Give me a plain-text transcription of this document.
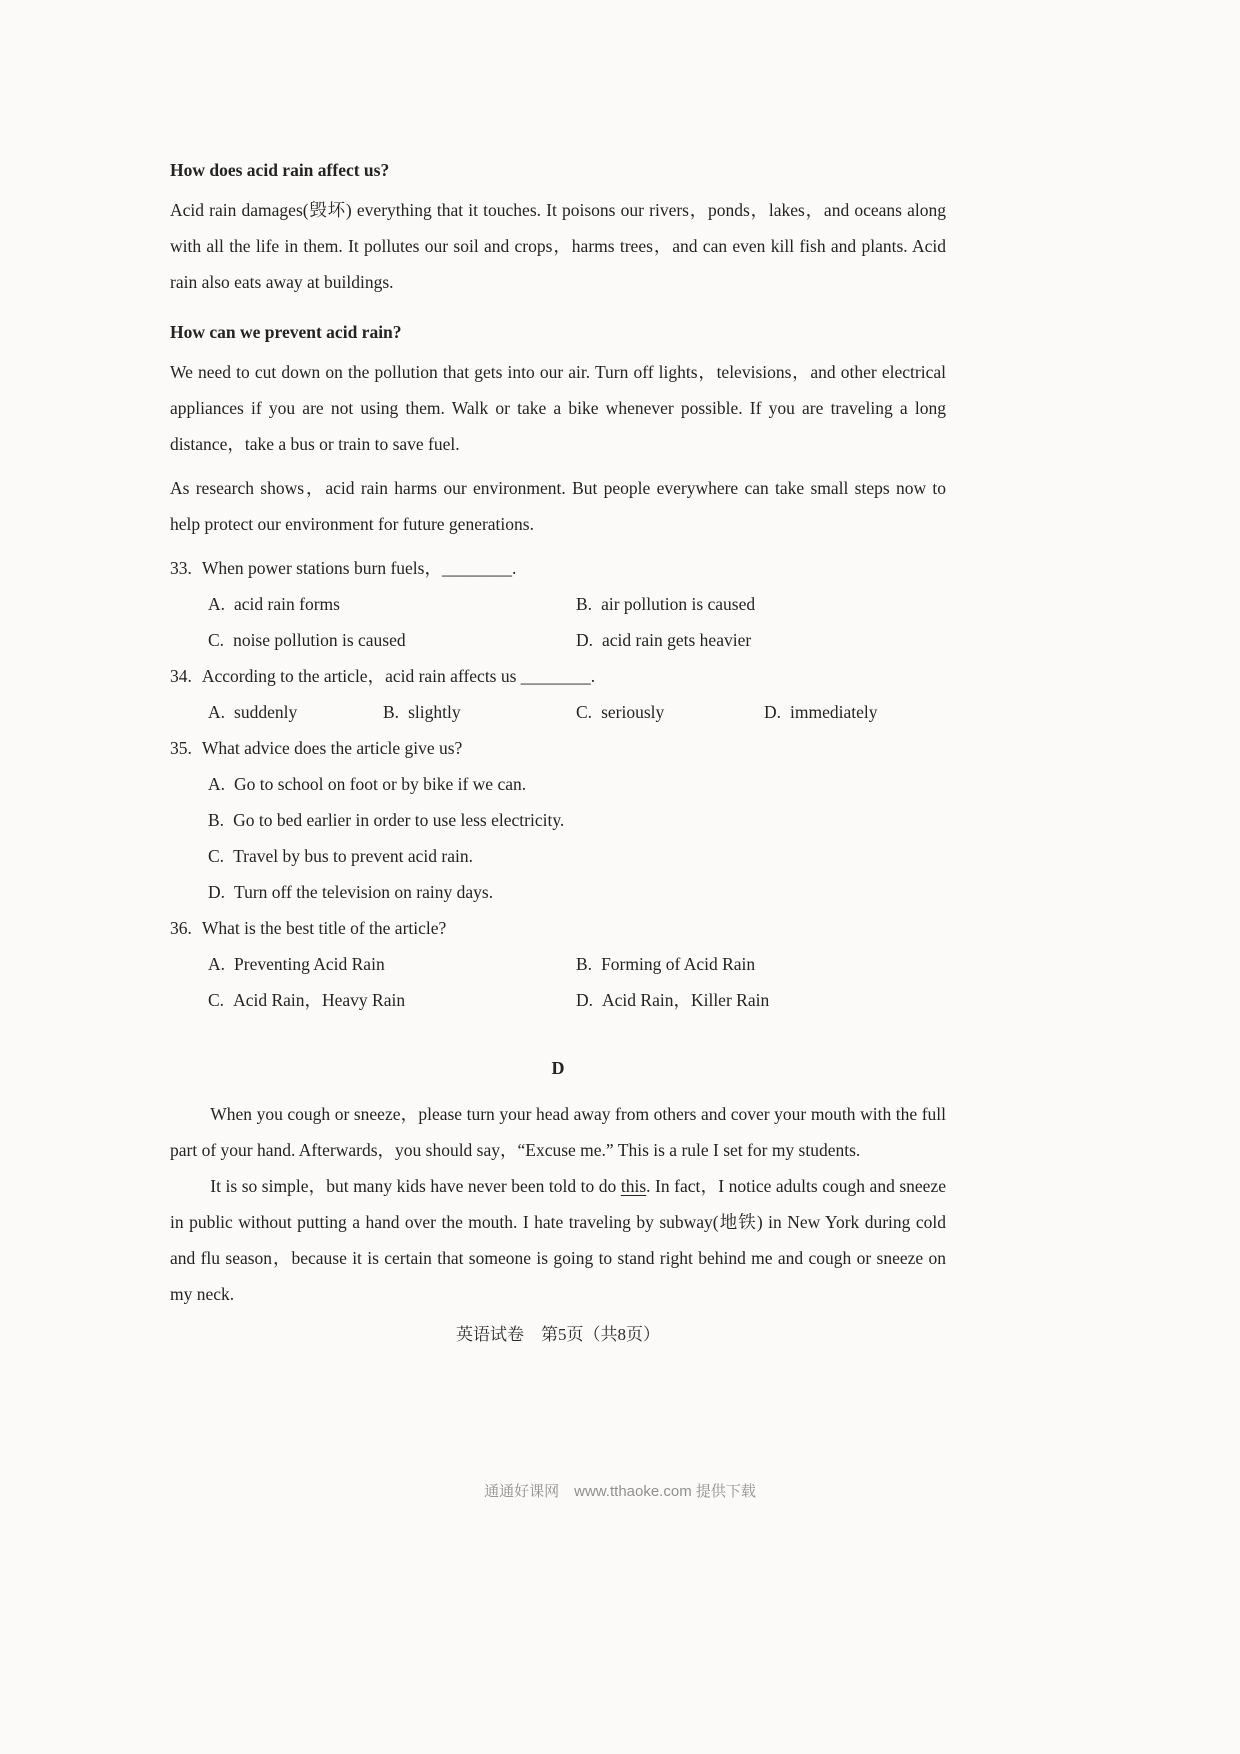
How does acid rain affect us?

Acid rain damages(毁坏) everything that it touches. It poisons our rivers，ponds，lakes，and oceans along with all the life in them. It pollutes our soil and crops，harms trees，and can even kill fish and plants. Acid rain also eats away at buildings.

How can we prevent acid rain?

We need to cut down on the pollution that gets into our air. Turn off lights，televisions，and other electrical appliances if you are not using them. Walk or take a bike whenever possible. If you are traveling a long distance，take a bus or train to save fuel.

As research shows，acid rain harms our environment. But people everywhere can take small steps now to help protect our environment for future generations.

33. When power stations burn fuels，________.
A. acid rain forms	B. air pollution is caused
C. noise pollution is caused	D. acid rain gets heavier
34. According to the article，acid rain affects us ________.
A. suddenly	B. slightly	C. seriously	D. immediately
35. What advice does the article give us?
A. Go to school on foot or by bike if we can.
B. Go to bed earlier in order to use less electricity.
C. Travel by bus to prevent acid rain.
D. Turn off the television on rainy days.
36. What is the best title of the article?
A. Preventing Acid Rain	B. Forming of Acid Rain
C. Acid Rain，Heavy Rain	D. Acid Rain，Killer Rain
D

When you cough or sneeze，please turn your head away from others and cover your mouth with the full part of your hand. Afterwards，you should say，“Excuse me.” This is a rule I set for my students.

It is so simple，but many kids have never been told to do this. In fact，I notice adults cough and sneeze in public without putting a hand over the mouth. I hate traveling by subway(地铁) in New York during cold and flu season，because it is certain that someone is going to stand right behind me and cough or sneeze on my neck.

英语试卷　第5页（共8页）
通通好课网　www.tthaoke.com 提供下载
